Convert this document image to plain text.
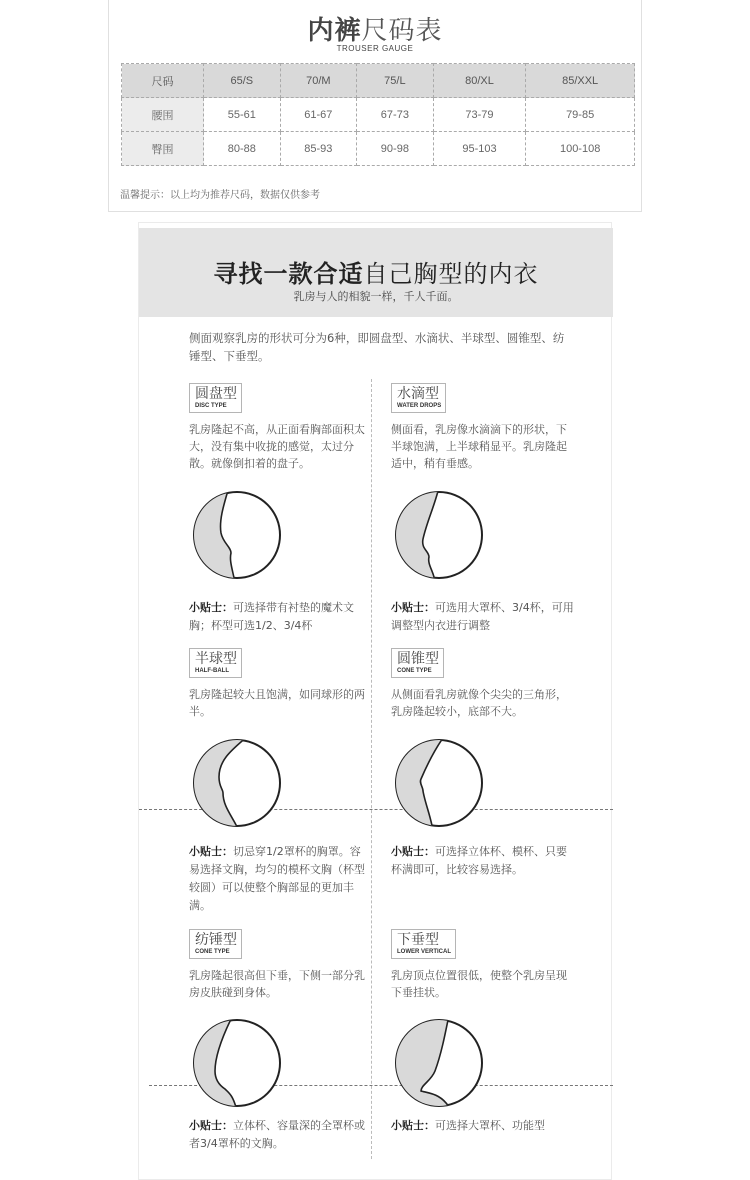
内裤尺码表
TROUSER GAUGE
尺码	65/S	70/M	75/L	80/XL	85/XXL
腰围	55-61	61-67	67-73	73-79	79-85
臀围	80-88	85-93	90-98	95-103	100-108
温馨提示：以上均为推荐尺码，数据仅供参考
寻找一款合适自己胸型的内衣
乳房与人的相貌一样，千人千面。
侧面观察乳房的形状可分为6种，即圆盘型、水滴状、半球型、圆锥型、纺锤型、下垂型。
圆盘型
DISC TYPE
乳房隆起不高，从正面看胸部面积太大，没有集中收拢的感觉，太过分散。就像倒扣着的盘子。
小贴士：可选择带有衬垫的魔术文胸；杯型可选1/2、3/4杯
水滴型
WATER DROPS
侧面看，乳房像水滴滴下的形状，下半球饱满，上半球稍显平。乳房隆起适中，稍有垂感。
小贴士：可选用大罩杯、3/4杯，可用调整型内衣进行调整
半球型
HALF-BALL
乳房隆起较大且饱满，如同球形的两半。
小贴士：切忌穿1/2罩杯的胸罩。容易选择文胸，均匀的模杯文胸（杯型较圆）可以使整个胸部显的更加丰满。
圆锥型
CONE TYPE
从侧面看乳房就像个尖尖的三角形，乳房隆起较小，底部不大。
小贴士：可选择立体杯、模杯、只要杯满即可，比较容易选择。
纺锤型
CONE TYPE
乳房隆起很高但下垂，下侧一部分乳房皮肤碰到身体。
小贴士：立体杯、容量深的全罩杯或者3/4罩杯的文胸。
下垂型
LOWER VERTICAL
乳房顶点位置很低，使整个乳房呈现下垂挂状。
小贴士：可选择大罩杯、功能型
